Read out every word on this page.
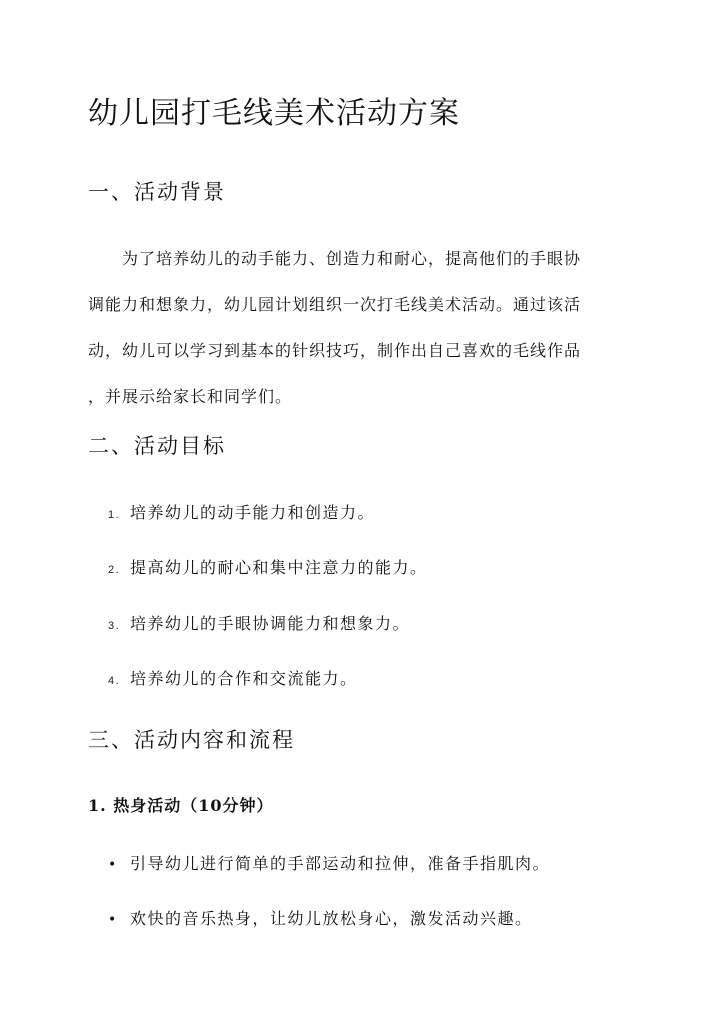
幼儿园打毛线美术活动方案
一、活动背景
为了培养幼儿的动手能力、创造力和耐心，提高他们的手眼协
调能力和想象力，幼儿园计划组织一次打毛线美术活动。通过该活
动，幼儿可以学习到基本的针织技巧，制作出自己喜欢的毛线作品
，并展示给家长和同学们。
二、活动目标
1. 培养幼儿的动手能力和创造力。
2. 提高幼儿的耐心和集中注意力的能力。
3. 培养幼儿的手眼协调能力和想象力。
4. 培养幼儿的合作和交流能力。
三、活动内容和流程
1. 热身活动（10分钟）
• 引导幼儿进行简单的手部运动和拉伸，准备手指肌肉。
• 欢快的音乐热身，让幼儿放松身心，激发活动兴趣。
